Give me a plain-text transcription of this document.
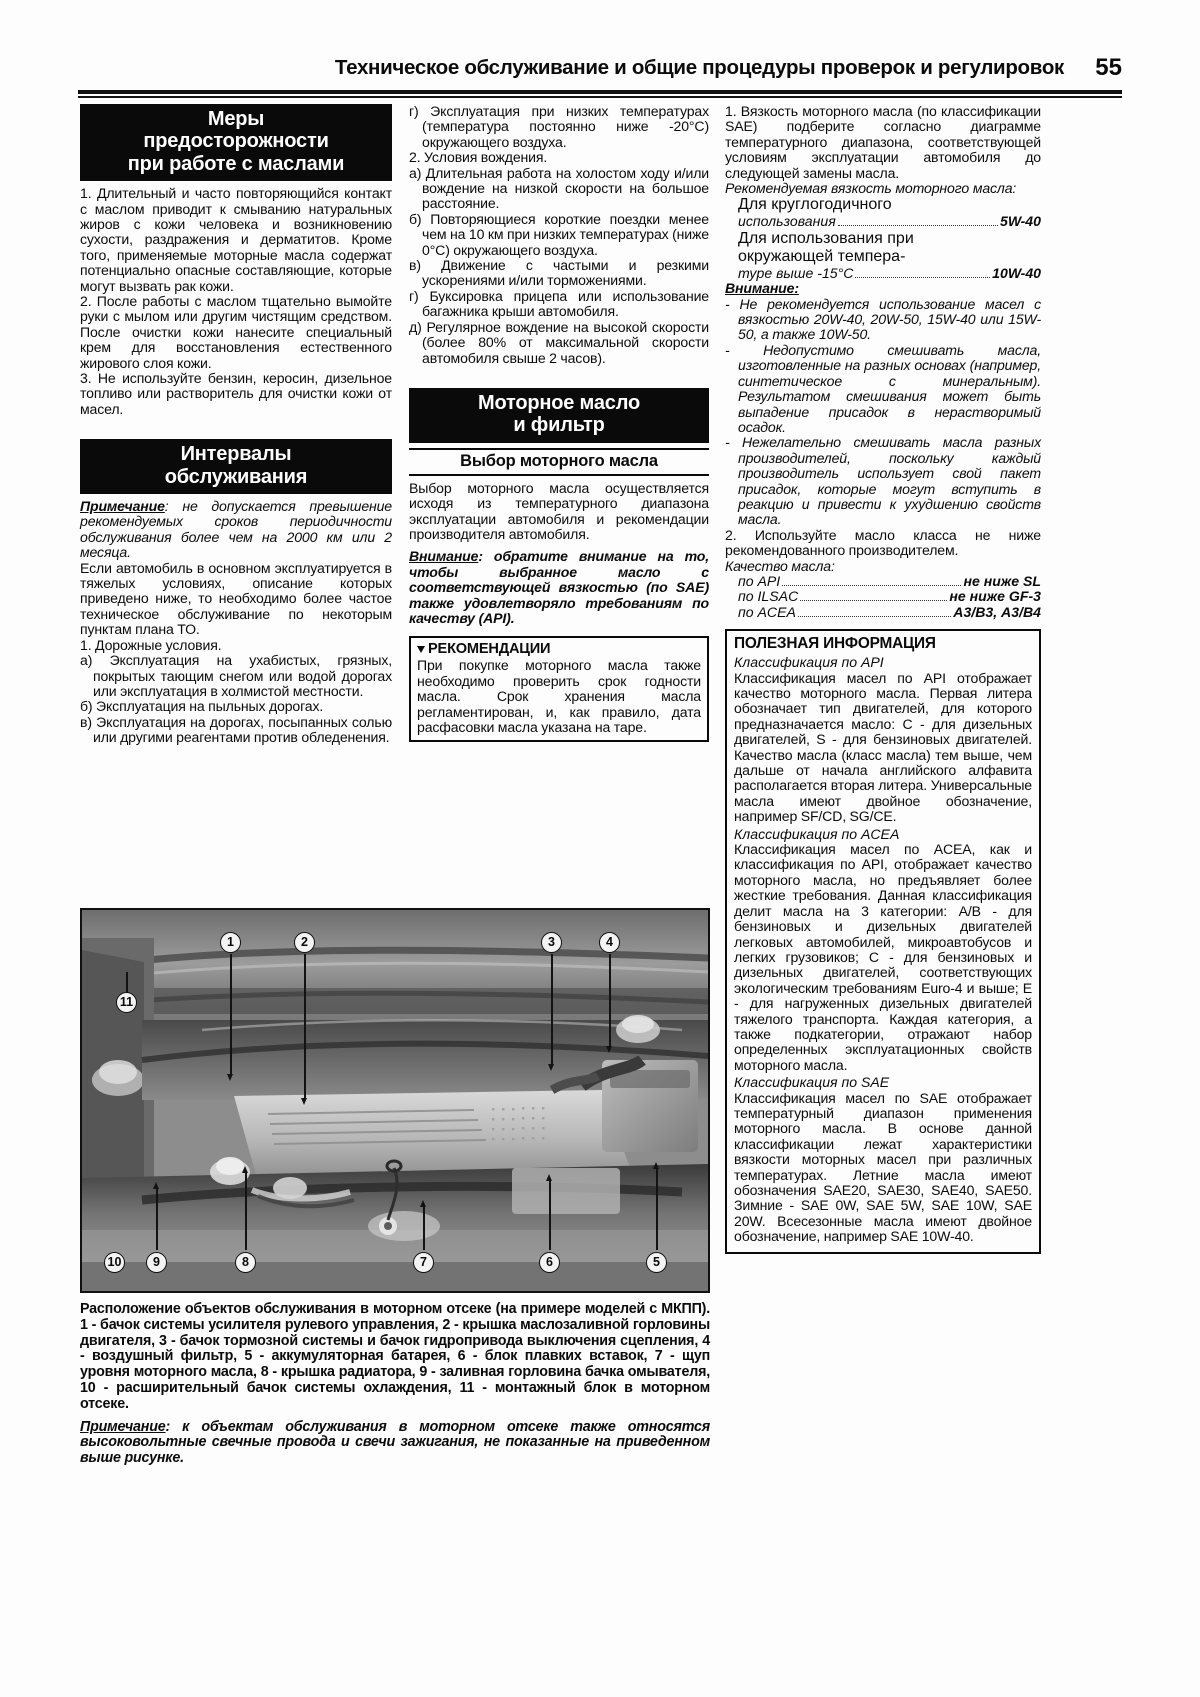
Техническое обслуживание и общие процедуры проверок и регулировок 55
Меры
предосторожности
при работе с маслами

1. Длительный и часто повторяющийся контакт с маслом приводит к смыванию натуральных жиров с кожи человека и возникновению сухости, раздражения и дерматитов. Кроме того, применяемые моторные масла содержат потенциально опасные составляющие, которые могут вызвать рак кожи.

2. После работы с маслом тщательно вымойте руки с мылом или другим чистящим средством. После очистки кожи нанесите специальный крем для восстановления естественного жирового слоя кожи.

3. Не используйте бензин, керосин, дизельное топливо или растворитель для очистки кожи от масел.

Интервалы
обслуживания

Примечание: не допускается превышение рекомендуемых сроков периодичности обслуживания более чем на 2000 км или 2 месяца.

Если автомобиль в основном эксплуатируется в тяжелых условиях, описание которых приведено ниже, то необходимо более частое техническое обслуживание по некоторым пунктам плана ТО.

1. Дорожные условия.

а) Эксплуатация на ухабистых, грязных, покрытых тающим снегом или водой дорогах или эксплуатация в холмистой местности.

б) Эксплуатация на пыльных дорогах.

в) Эксплуатация на дорогах, посыпанных солью или другими реагентами против обледенения.

г) Эксплуатация при низких температурах (температура постоянно ниже -20°С) окружающего воздуха.

2. Условия вождения.

а) Длительная работа на холостом ходу и/или вождение на низкой скорости на большое расстояние.

б) Повторяющиеся короткие поездки менее чем на 10 км при низких температурах (ниже 0°С) окружающего воздуха.

в) Движение с частыми и резкими ускорениями и/или торможениями.

г) Буксировка прицепа или использование багажника крыши автомобиля.

д) Регулярное вождение на высокой скорости (более 80% от максимальной скорости автомобиля свыше 2 часов).

Моторное масло
и фильтр
Выбор моторного масла

Выбор моторного масла осуществляется исходя из температурного диапазона эксплуатации автомобиля и рекомендации производителя автомобиля.

Внимание: обратите внимание на то, чтобы выбранное масло с соответствующей вязкостью (по SAE) также удовлетворяло требованиям по качеству (API).

РЕКОМЕНДАЦИИ

При покупке моторного масла также необходимо проверить срок годности масла. Срок хранения масла регламентирован, и, как правило, дата расфасовки масла указана на таре.

1. Вязкость моторного масла (по классификации SAE) подберите согласно диаграмме температурного диапазона, соответствующей условиям эксплуатации автомобиля до следующей замены масла.

Рекомендуемая вязкость моторного масла:

Для круглогодичного
использования	5W-40
Для использования при
окружающей темпера-
туре выше -15°С	10W-40

Внимание:

- Не рекомендуется использование масел с вязкостью 20W-40, 20W-50, 15W-40 или 15W-50, а также 10W-50.

- Недопустимо смешивать масла, изготовленные на разных основах (например, синтетическое с минеральным). Результатом смешивания может быть выпадение присадок в нерастворимый осадок.

- Нежелательно смешивать масла разных производителей, поскольку каждый производитель использует свой пакет присадок, которые могут вступить в реакцию и привести к ухудшению свойств масла.

2. Используйте масло класса не ниже рекомендованного производителем.

Качество масла:

по API	не ниже SL
по ILSAC	не ниже GF-3
по ACEA	А3/В3, А3/В4
ПОЛЕЗНАЯ ИНФОРМАЦИЯ
Классификация по API

Классификация масел по API отображает качество моторного масла. Первая литера обозначает тип двигателей, для которого предназначается масло: С - для дизельных двигателей, S - для бензиновых двигателей. Качество масла (класс масла) тем выше, чем дальше от начала английского алфавита располагается вторая литера. Универсальные масла имеют двойное обозначение, например SF/CD, SG/CE.

Классификация по ACEA

Классификация масел по ACEA, как и классификация по API, отображает качество моторного масла, но предъявляет более жесткие требования. Данная классификация делит масла на 3 категории: А/В - для бензиновых и дизельных двигателей легковых автомобилей, микроавтобусов и легких грузовиков; С - для бензиновых и дизельных двигателей, соответствующих экологическим требованиям Euro-4 и выше; Е - для нагруженных дизельных двигателей тяжелого транспорта. Каждая категория, а также подкатегории, отражают набор определенных эксплуатационных свойств моторного масла.

Классификация по SAE

Классификация масел по SAE отображает температурный диапазон применения моторного масла. В основе данной классификации лежат характеристики вязкости моторных масел при различных температурах. Летние масла имеют обозначения SAE20, SAE30, SAE40, SAE50. Зимние - SAE 0W, SAE 5W, SAE 10W, SAE 20W. Всесезонные масла имеют двойное обозначение, например SAE 10W-40.

1	2	3	4
11
10	9	8	7	6	5

Расположение объектов обслуживания в моторном отсеке (на примере моделей с МКПП). 1 - бачок системы усилителя рулевого управления, 2 - крышка маслозаливной горловины двигателя, 3 - бачок тормозной системы и бачок гидропривода выключения сцепления, 4 - воздушный фильтр, 5 - аккумуляторная батарея, 6 - блок плавких вставок, 7 - щуп уровня моторного масла, 8 - крышка радиатора, 9 - заливная горловина бачка омывателя, 10 - расширительный бачок системы охлаждения, 11 - монтажный блок в моторном отсеке.

Примечание: к объектам обслуживания в моторном отсеке также относятся высоковольтные свечные провода и свечи зажигания, не показанные на приведенном выше рисунке.
